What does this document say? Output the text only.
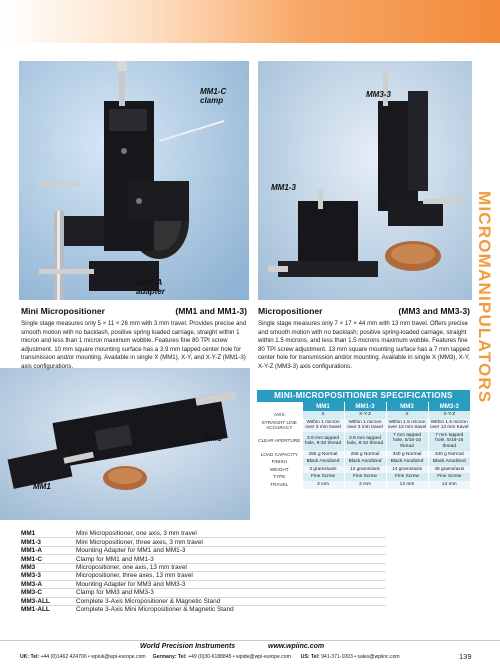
MM1-C clamp
MM1-A adapter
MM3-3
MM1-3
MM3
MM1
MICROMANIPULATORS
Mini Micropositioner	(MM1 and MM1-3)

Single stage measures only 5 × 11 × 26 mm with 3 mm travel. Provides precise and smooth motion with no backlash, positive spring loaded carriage, straight within 1 micron and less than 1 micron maximum wobble. Features fine 80 TPI screw adjustment. 10 mm square mounting surface has a 3.9 mm tapped center hole for transmission and/or mounting. Available in single X (MM1), X-Y, and X-Y-Z (MM1-3) axis configurations.

Micropositioner	(MM3 and MM3-3)

Single stage measures only 7 × 17 × 44 mm with 13 mm travel. Offers precise and smooth motion with no backlash; positive spring-loaded carriage, straight within 1.5 microns, and less than 1.5 microns maximum wobble. Features fine 80 TPI screw adjustment. 13 mm square mounting surface has a 7 mm tapped center hole for transmission and/or mounting. Available in single X (MM3), X-Y, X-Y-Z (MM3-3) axis configurations.

MINI-MICROPOSITIONER SPECIFICATIONS
	MM1	MM1-3	MM3	MM3-3
AXIS	X	X-Y-Z	X	X-Y-Z
STRAIGHT LINE ACCURACY	Within 1 micron over 3 mm travel	Within 1 micron over 3 mm travel	Within 1.5 micron over 13 mm travel	Within 1.5 micron over 13 mm travel
CLEAR APERTURE	3.9 mm tapped hole, 8-32 thread	3.9 mm tapped hole, 8-32 thread	7 mm tapped hole, 5/16-16 thread	7 mm tapped hole, 5/16-16 thread
LOAD CAPACITY	255 g Normal	255 g Normal	340 g Normal	340 g Normal
FINISH	Black Anodized	Black Anodized	Black Anodized	Black Anodized
WEIGHT	3 grams/axis	12 grams/axis	14 grams/axis	48 grams/axis
TYPE	Fine Screw	Fine Screw	Fine Screw	Fine Screw
TRAVEL	3 mm	3 mm	13 mm	13 mm
MM1	Mini Micropositioner, one axis, 3 mm travel
MM1-3	Mini Micropositioner, three axes, 3 mm travel
MM1-A	Mounting Adapter for MM1 and MM1-3
MM1-C	Clamp for MM1 and MM1-3
MM3	Micropositioner, one axis, 13 mm travel
MM3-3	Micropositioner, three axes, 13 mm travel
MM3-A	Mounting Adapter for MM3 and MM3-3
MM3-C	Clamp for MM3 and MM3-3
MM3-ALL	Complete 3-Axis Micropositioner & Magnetic Stand
MM1-ALL	Complete 3-Axis Mini Micropositioner & Magnetic Stand
World Precision Instruments	www.wpiinc.com
UK: Tel: +44 (0)1462 424700 • wpiuk@wpi-europe.com Germany: Tel: +49 (0)30-6188845 • wpide@wpi-europe.com US: Tel: 941-371-1003 • sales@wpiinc.com	139
